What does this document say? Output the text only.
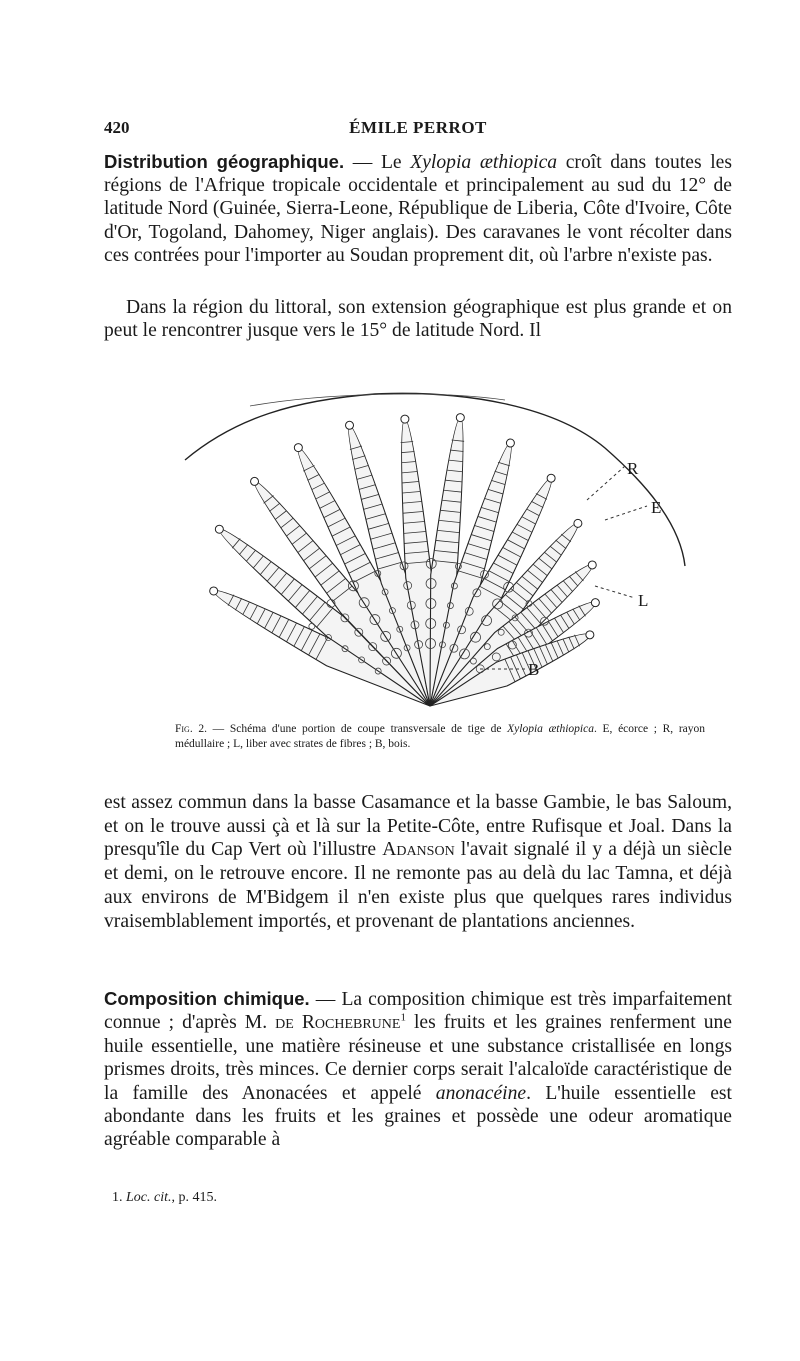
420	ÉMILE PERROT

Distribution géographique. — Le Xylopia æthiopica croît dans toutes les régions de l'Afrique tropicale occidentale et principalement au sud du 12° de latitude Nord (Guinée, Sierra-Leone, République de Liberia, Côte d'Ivoire, Côte d'Or, Togoland, Dahomey, Niger anglais). Des caravanes le vont récolter dans ces contrées pour l'importer au Soudan proprement dit, où l'arbre n'existe pas.

Dans la région du littoral, son extension géographique est plus grande et on peut le rencontrer jusque vers le 15° de latitude Nord. Il

R
E
L
B

Fig. 2. — Schéma d'une portion de coupe transversale de tige de Xylopia æthiopica. E, écorce ; R, rayon médullaire ; L, liber avec strates de fibres ; B, bois.

est assez commun dans la basse Casamance et la basse Gambie, le bas Saloum, et on le trouve aussi çà et là sur la Petite-Côte, entre Rufisque et Joal. Dans la presqu'île du Cap Vert où l'illustre Adanson l'avait signalé il y a déjà un siècle et demi, on le retrouve encore. Il ne remonte pas au delà du lac Tamna, et déjà aux environs de M'Bidgem il n'en existe plus que quelques rares individus vraisemblablement importés, et provenant de plantations anciennes.

Composition chimique. — La composition chimique est très imparfaitement connue ; d'après M. de Rochebrune$^1$ les fruits et les graines renferment une huile essentielle, une matière résineuse et une substance cristallisée en longs prismes droits, très minces. Ce dernier corps serait l'alcaloïde caractéristique de la famille des Anonacées et appelé anonacéine. L'huile essentielle est abondante dans les fruits et les graines et possède une odeur aromatique agréable comparable à

1. Loc. cit., p. 415.
